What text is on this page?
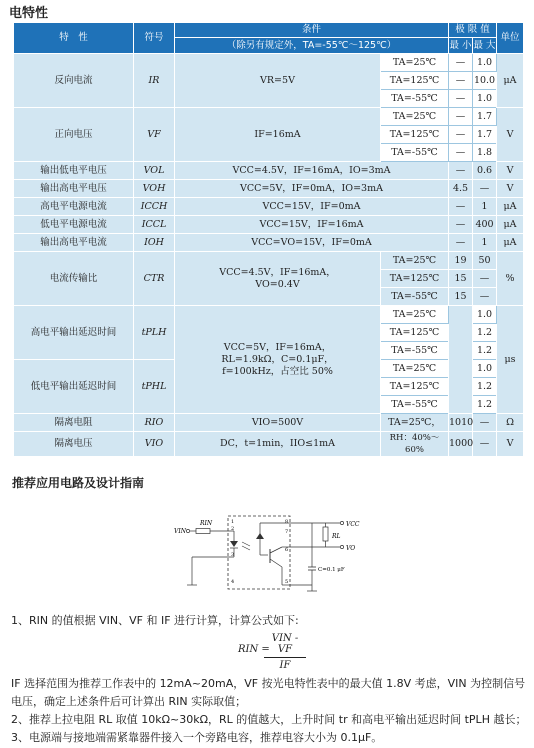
电特性
特　性	符号	条件		极 限 值		单位
		（除另有规定外，TA=-55℃～125℃）		最 小	最 大	

反向电流	IR	VR=5V	TA=25℃	—	1.0	μA
			TA=125℃	—	10.0	
			TA=-55℃	—	1.0	
正向电压	VF	IF=16mA	TA=25℃	—	1.7	V
			TA=125℃	—	1.7	
			TA=-55℃	—	1.8	
输出低电平电压	VOL	VCC=4.5V，IF=16mA，IO=3mA		—	0.6	V
输出高电平电压	VOH	VCC=5V，IF=0mA，IO=3mA		4.5	—	V
高电平电源电流	ICCH	VCC=15V，IF=0mA		—	1	μA
低电平电源电流	ICCL	VCC=15V，IF=16mA		—	400	μA
输出高电平电流	IOH	VCC=VO=15V，IF=0mA		—	1	μA
电流传输比	CTR	VCC=4.5V，IF=16mA，
VO=0.4V	TA=25℃	19	50	%
			TA=125℃	15	—	
			TA=-55℃	15	—	
高电平输出延迟时间	tPLH	VCC=5V，IF=16mA，
RL=1.9kΩ，C=0.1μF，
f=100kHz，占空比 50%	TA=25℃		1.0	μs
			TA=125℃		1.2	
			TA=-55℃		1.2	
低电平输出延迟时间	tPHL		TA=25℃		1.0	
			TA=125℃		1.2	
			TA=-55℃		1.2	
隔离电阻	RIO	VIO=500V	TA=25℃，	1010	—	Ω
隔离电压	VIO	DC，t=1min，IIO≤1mA	RH：40%～60%	1000	—	V
推荐应用电路及设计指南
VIN
RIN	1
2
3
4	5
6
7
8	VCC
RL
VO
C=0.1 μF
1、RIN 的值根据 VIN、VF 和 IF 进行计算，计算公式如下:
RIN =
VIN - VF
IF
IF 选择范围为推荐工作表中的 12mA~20mA，VF 按光电特性表中的最大值 1.8V 考虑，VIN 为控制信号
电压，确定上述条件后可计算出 RIN 实际取值；
2、推荐上拉电阻 RL 取值 10kΩ~30kΩ，RL 的值越大，上升时间 tr 和高电平输出延迟时间 tPLH 越长；
3、电源端与接地端需紧靠器件接入一个旁路电容，推荐电容大小为 0.1μF。
